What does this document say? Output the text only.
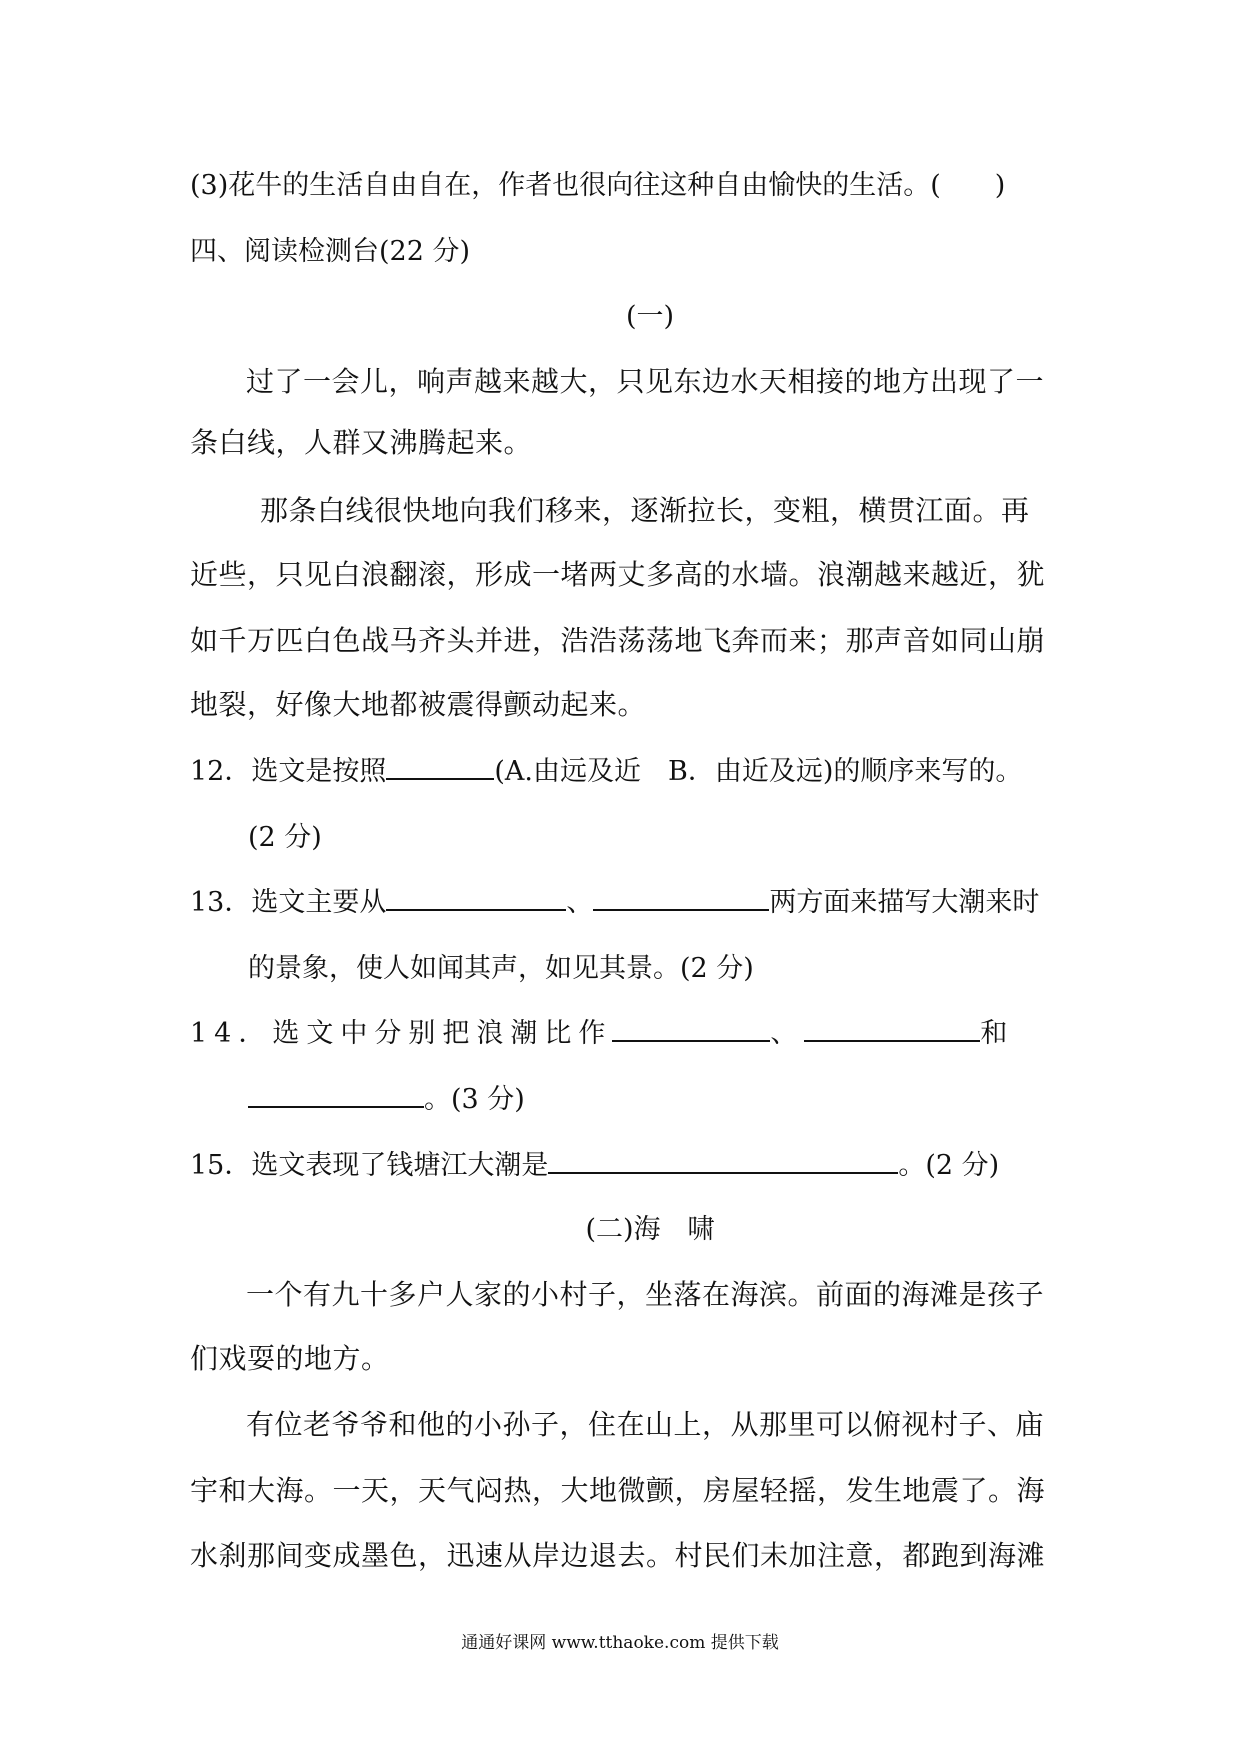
(3)花牛的生活自由自在，作者也很向往这种自由愉快的生活。(　　)
四、阅读检测台(22 分)
(一)
过了一会儿，响声越来越大，只见东边水天相接的地方出现了一
条白线，人群又沸腾起来。
那条白线很快地向我们移来，逐渐拉长，变粗，横贯江面。再
近些，只见白浪翻滚，形成一堵两丈多高的水墙。浪潮越来越近，犹
如千万匹白色战马齐头并进，浩浩荡荡地飞奔而来；那声音如同山崩
地裂，好像大地都被震得颤动起来。
12．选文是按照	(A.由远及近　B．由近及远)的顺序来写的。
(2 分)
13．选文主要从	、	两方面来描写大潮来时
的景象，使人如闻其声，如见其景。(2 分)
14．选文中分别把浪潮比作	、	和
。(3 分)
15．选文表现了钱塘江大潮是	。(2 分)
(二)海　啸
一个有九十多户人家的小村子，坐落在海滨。前面的海滩是孩子
们戏耍的地方。
有位老爷爷和他的小孙子，住在山上，从那里可以俯视村子、庙
宇和大海。一天，天气闷热，大地微颤，房屋轻摇，发生地震了。海
水刹那间变成墨色，迅速从岸边退去。村民们未加注意，都跑到海滩
通通好课网 www.tthaoke.com 提供下载
